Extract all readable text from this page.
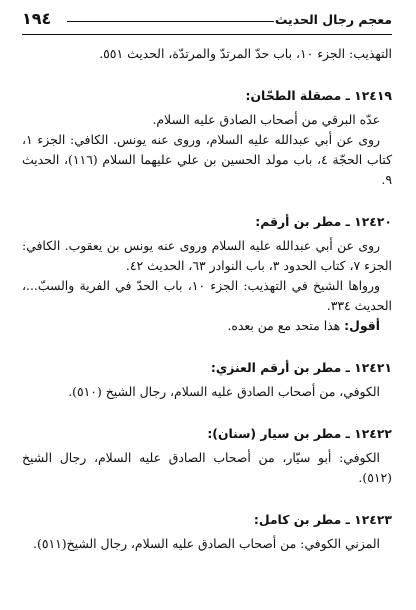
معجم رجال الحديث
١٩٤

التهذيب: الجزء ١٠، باب حدّ المرتدّ والمرتدّة، الحديث ٥٥١.

١٢٤١٩ ـ مصقلة الطحّان:

عدّه البرقي من أصحاب الصادق عليه السلام.

روى عن أبي عبدالله عليه السلام، وروى عنه يونس. الكافي: الجزء ١، كتاب الحجّة ٤، باب مولد الحسين بن علي عليهما السلام (١١٦)، الحديث ٩.

١٢٤٢٠ ـ مطر بن أرقم:

روى عن أبي عبدالله عليه السلام وروى عنه يونس بن يعقوب. الكافي: الجزء ٧، كتاب الحدود ٣، باب النوادر ٦٣، الحديث ٤٢.

ورواها الشيخ في التهذيب: الجزء ١٠، باب الحدّ في الفرية والسبّ...، الحديث ٣٣٤.

أقول: هذا متحد مع من بعده.

١٢٤٢١ ـ مطر بن أرقم العنزي:

الكوفي، من أصحاب الصادق عليه السلام، رجال الشيخ (٥١٠).

١٢٤٢٢ ـ مطر بن سيار (سنان):

الكوفي: أبو سيّار، من أصحاب الصادق عليه السلام، رجال الشيخ (٥١٢).

١٢٤٢٣ ـ مطر بن كامل:

المزني الكوفي: من أصحاب الصادق عليه السلام، رجال الشيخ(٥١١).
